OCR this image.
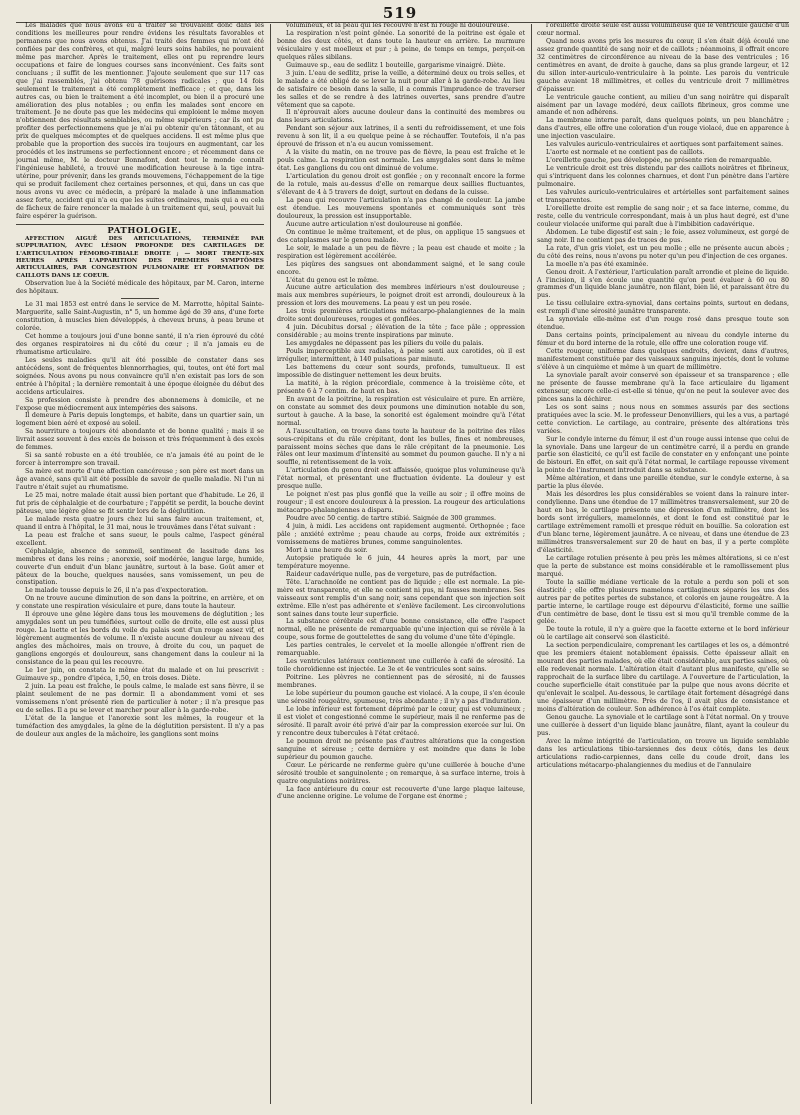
519

Les malades que nous avons eu à traiter se trouvaient donc dans les conditions les meilleures pour rendre évidens les résultats favorables et permanens que nous avons obtenus. J'ai traité des femmes qui m'ont été confiées par des confrères, et qui, malgré leurs soins habiles, ne pouvaient même pas marcher. Après le traitement, elles ont pu reprendre leurs occupations et faire de longues courses sans inconvénient. Ces faits sont concluans ; il suffit de les mentionner. J'ajoute seulement que sur 117 cas que j'ai rassemblés, j'ai obtenu 78 guérisons radicales ; que 14 fois seulement le traitement a été complètement inefficace ; et que, dans les autres cas, ou bien le traitement a été incomplet, ou bien il a procuré une amélioration des plus notables ; ou enfin les malades sont encore en traitement. Je ne doute pas que les médecins qui emploient le même moyen n'obtiennent des résultats semblables, ou même supérieurs ; car ils ont pu profiter des perfectionnemens que je n'ai pu obtenir qu'en tâtonnant, et au prix de quelques mécomptes et de quelques accidens. Il est même plus que probable que la proportion des succès ira toujours en augmentant, car les procédés et les instrumens se perfectionnent encore ; et récemment dans ce journal même, M. le docteur Bonnafont, dont tout le monde connaît l'ingénieuse habileté, a trouvé une modification heureuse à la tige intra-utérine, pour prévenir, dans les grands mouvemens, l'échappement de la tige qui se produit facilement chez certaines personnes, et qui, dans un cas que nous avons vu avec ce médecin, a préparé la malade à une inflammation assez forte, accident qui n'a eu que les suites ordinaires, mais qui a eu cela de fâcheux de faire renoncer la malade à un traitement qui, seul, pouvait lui faire espérer la guérison.

PATHOLOGIE.

AFFECTION AIGUË DES ARTICULATIONS, TERMINÉE PAR SUPPURATION, AVEC LÉSION PROFONDE DES CARTILAGES DE L'ARTICULATION FÉMORO-TIBIALE DROITE ; — MORT TRENTE-SIX HEURES APRÈS L'APPARITION DES PREMIERS SYMPTÔMES ARTICULAIRES, PAR CONGESTION PULMONAIRE ET FORMATION DE CAILLOTS DANS LE COEUR.

Observation lue à la Société médicale des hôpitaux, par M. Caron, interne des hôpitaux.

Le 31 mai 1853 est entré dans le service de M. Marrotte, hôpital Sainte-Marguerite, salle Saint-Augustin, n° 5, un homme âgé de 39 ans, d'une forte constitution, à muscles bien développés, à cheveux bruns, à peau brune et colorée.

Cet homme a toujours joui d'une bonne santé, il n'a rien éprouvé du côté des organes respiratoires ni du côté du cœur ; il n'a jamais eu de rhumatisme articulaire.

Les seules maladies qu'il ait été possible de constater dans ses antécédens, sont de fréquentes blennorrhagies, qui, toutes, ont été fort mal soignées. Nous avons pu nous convaincre qu'il n'en existait pas lors de son entrée à l'hôpital ; la dernière remontait à une époque éloignée du début des accidens articulaires.

Sa profession consiste à prendre des abonnemens à domicile, et ne l'expose que médiocrement aux intempéries des saisons.

Il demeure à Paris depuis longtemps, et habite, dans un quartier sain, un logement bien aéré et exposé au soleil.

Sa nourriture a toujours été abondante et de bonne qualité ; mais il se livrait assez souvent à des excès de boisson et très fréquemment à des excès de femmes.

Si sa santé robuste en a été troublée, ce n'a jamais été au point de le forcer à interrompre son travail.

Sa mère est morte d'une affection cancéreuse ; son père est mort dans un âge avancé, sans qu'il ait été possible de savoir de quelle maladie. Ni l'un ni l'autre n'était sujet au rhumatisme.

Le 25 mai, notre malade était aussi bien portant que d'habitude. Le 26, il fut pris de céphalalgie et de courbature ; l'appétit se perdit, la bouche devint pâteuse, une légère gêne se fit sentir lors de la déglutition.

Le malade resta quatre jours chez lui sans faire aucun traitement, et, quand il entra à l'hôpital, le 31 mai, nous le trouvâmes dans l'état suivant :

La peau est fraîche et sans sueur, le pouls calme, l'aspect général excellent.

Céphalalgie, absence de sommeil, sentiment de lassitude dans les membres et dans les reins ; anorexie, soif modérée, langue large, humide, couverte d'un enduit d'un blanc jaunâtre, surtout à la base. Goût amer et pâteux de la bouche, quelques nausées, sans vomissement, un peu de constipation.

Le malade tousse depuis le 26, il n'a pas d'expectoration.

On ne trouve aucune diminution de son dans la poitrine, en arrière, et on y constate une respiration vésiculaire et pure, dans toute la hauteur.

Il éprouve une gêne légère dans tous les mouvemens de déglutition ; les amygdales sont un peu tuméfiées, surtout celle de droite, elle est aussi plus rouge. La luette et les bords du voile du palais sont d'un rouge assez vif, et légèrement augmentés de volume. Il n'existe aucune douleur au niveau des angles des mâchoires, mais on trouve, à droite du cou, un paquet de ganglions engorgés et douloureux, sans changement dans la couleur ni la consistance de la peau qui les recouvre.

Le 1er juin, on constata le même état du malade et on lui prescrivit : Guimauve sp., pondre d'ipéca, 1,50, en trois doses. Diète.

2 juin. La peau est fraîche, le pouls calme, le malade est sans fièvre, il se plaint seulement de ne pas dormir. Il a abondamment vomi et ses vomissemens n'ont présenté rien de particulier à noter ; il n'a presque pas eu de selles. Il a pu se lever et marcher pour aller à la garde-robe.

L'état de la langue et l'anorexie sont les mêmes, la rougeur et la tuméfaction des amygdales, la gêne de la déglutition persistent. Il n'y a pas de douleur aux angles de la mâchoire, les ganglions sont moins

volumineux, et la peau qui les recouvre n'est ni rouge ni douloureuse.

La respiration n'est point gênée. La sonorité de la poitrine est égale et bonne des deux côtés, et dans toute la hauteur en arrière. Le murmure vésiculaire y est moelleux et pur ; à peine, de temps en temps, perçoit-on quelques râles sibilans.

Guimauve sp., eau de sedlitz 1 bouteille, gargarisme vinaigré. Diète.

3 juin. L'eau de sedlitz, prise la veille, a déterminé deux ou trois selles, et le malade a été obligé de se lever la nuit pour aller à la garde-robe. Au lieu de satisfaire ce besoin dans la salle, il a commis l'imprudence de traverser les salles et de se rendre à des latrines ouvertes, sans prendre d'autre vêtement que sa capote.

Il n'éprouvait alors aucune douleur dans la continuité des membres ou dans leurs articulations.

Pendant son séjour aux latrines, il a senti du refroidissement, et une fois revenu à son lit, il a eu quelque peine à se réchauffer. Toutefois, il n'a pas éprouvé de frisson et n'a eu aucun vomissement.

A la visite du matin, on ne trouve pas de fièvre, la peau est fraîche et le pouls calme. La respiration est normale. Les amygdales sont dans le même état. Les ganglions du cou ont diminué de volume.

L'articulation du genou droit est gonflée ; on y reconnaît encore la forme de la rotule, mais au-dessus d'elle on remarque deux saillies fluctuantes, s'élevant de 4 à 5 travers de doigt, surtout en dedans de la cuisse.

La peau qui recouvre l'articulation n'a pas changé de couleur. La jambe est étendue. Les mouvemens spontanés et communiqués sont très douloureux, la pression est insupportable.

Aucune autre articulation n'est douloureuse ni gonflée.

On continue le même traitement, et de plus, on applique 15 sangsues et des cataplasmes sur le genou malade.

Le soir, le malade a un peu de fièvre ; la peau est chaude et moite ; la respiration est légèrement accélérée.

Les piqûres des sangsues ont abondamment saigné, et le sang coule encore.

L'état du genou est le même.

Aucune autre articulation des membres inférieurs n'est douloureuse ; mais aux membres supérieurs, le poignet droit est arrondi, douloureux à la pression et lors des mouvemens. La peau y est un peu rosée.

Les trois premières articulations métacarpo-phalangiennes de la main droite sont douloureuses, rouges et gonflées.

4 juin. Décubitus dorsal ; élévation de la tête ; face pâle ; oppression considérable ; au moins trente inspirations par minute.

Les amygdales ne dépassent pas les piliers du voile du palais.

Pouls imperceptible aux radiales, à peine senti aux carotides, où il est irrégulier, intermittent, à 140 pulsations par minute.

Les battemens du cœur sont sourds, profonds, tumultueux. Il est impossible de distinguer nettement les deux bruits.

La matité, à la région précordiale, commence à la troisième côte, et présente 6 à 7 centim. de haut en bas.

En avant de la poitrine, la respiration est vésiculaire et pure. En arrière, on constate au sommet des deux poumons une diminution notable du son, surtout à gauche. A la base, la sonorité est également moindre qu'à l'état normal.

A l'auscultation, on trouve dans toute la hauteur de la poitrine des râles sous-crépitans et du râle crépitant, dont les bulles, fines et nombreuses, paraissent moins sèches que dans le râle crépitant de la pneumonie. Les râles ont leur maximum d'intensité au sommet du poumon gauche. Il n'y a ni souffle, ni retentissement de la voix.

L'articulation du genou droit est affaissée, quoique plus volumineuse qu'à l'état normal, et présentant une fluctuation évidente. La douleur y est presque nulle.

Le poignet n'est pas plus gonflé que la veille au soir ; il offre moins de rougeur ; il est encore douloureux à la pression. La rougeur des articulations métacarpo-phalangiennes a disparu.

Poudre avec 50 centig. de tartre stibié. Saignée de 300 grammes.

4 juin, à midi. Les accidens ont rapidement augmenté. Orthopnée ; face pâle ; anxiété extrême ; peau chaude au corps, froide aux extrémités ; vomissemens de matières brunes, comme sanguinolentes.

Mort à une heure du soir.

Autopsie pratiquée le 6 juin, 44 heures après la mort, par une température moyenne.

Raideur cadavérique nulle, pas de vergeture, pas de putréfaction.

Tête. L'arachnoïde ne contient pas de liquide ; elle est normale. La pie-mère est transparente, et elle ne contient ni pus, ni fausses membranes. Ses vaisseaux sont remplis d'un sang noir, sans cependant que son injection soit extrême. Elle n'est pas adhérente et s'enlève facilement. Les circonvolutions sont saines dans toute leur superficie.

La substance cérébrale est d'une bonne consistance, elle offre l'aspect normal, elle ne présente de remarquable qu'une injection qui se révèle à la coupe, sous forme de gouttelettes de sang du volume d'une tête d'épingle.

Les parties centrales, le cervelet et la moelle allongée n'offrent rien de remarquable.

Les ventricules latéraux contiennent une cuillerée à café de sérosité. La toile choroïdienne est injectée. Le 3e et 4e ventricules sont sains.

Poitrine. Les plèvres ne contiennent pas de sérosité, ni de fausses membranes.

Le lobe supérieur du poumon gauche est violacé. A la coupe, il s'en écoule une sérosité rougeâtre, spumeuse, très abondante ; il n'y a pas d'induration.

Le lobe inférieur est fortement déprimé par le cœur, qui est volumineux ; il est violet et congestionné comme le supérieur, mais il ne renferme pas de sérosité. Il paraît avoir été privé d'air par la compression exercée sur lui. On y rencontre deux tubercules à l'état crétacé.

Le poumon droit ne présente pas d'autres altérations que la congestion sanguine et séreuse ; cette dernière y est moindre que dans le lobe supérieur du poumon gauche.

Cœur. Le péricarde ne renferme guère qu'une cuillerée à bouche d'une sérosité trouble et sanguinolente ; on remarque, à sa surface interne, trois à quatre ongulations noirâtres.

La face antérieure du cœur est recouverte d'une large plaque laiteuse, d'une ancienne origine. Le volume de l'organe est énorme ;

l'oreillette droite seule est aussi volumineuse que le ventricule gauche d'un cœur normal.

Quand nous avons pris les mesures du cœur, il s'en était déjà écoulé une assez grande quantité de sang noir et de caillots ; néanmoins, il offrait encore 32 centimètres de circonférence au niveau de la base des ventricules ; 16 centimètres en avant, de droite à gauche, dans sa plus grande largeur, et 12 du sillon inter-auriculo-ventriculaire à la pointe. Les parois du ventricule gauche avaient 18 millimètres, et celles du ventricule droit 7 millimètres d'épaisseur.

Le ventricule gauche contient, au milieu d'un sang noirâtre qui disparaît aisément par un lavage modéré, deux caillots fibrineux, gros comme une amande et non adhérens.

La membrane interne paraît, dans quelques points, un peu blanchâtre ; dans d'autres, elle offre une coloration d'un rouge violacé, due en apparence à une injection vasculaire.

Les valvules auriculo-ventriculaires et aortiques sont parfaitement saines.

L'aorte est normale et ne contient pas de caillots.

L'oreillette gauche, peu développée, ne présente rien de remarquable.

Le ventricule droit est très distendu par des caillots noirâtres et fibrineux, qui s'intriquent dans les colonnes charnues, et dont l'un pénètre dans l'artère pulmonaire.

Les valvules auriculo-ventriculaires et artérielles sont parfaitement saines et transparentes.

L'oreillette droite est remplie de sang noir ; et sa face interne, comme, du reste, celle du ventricule correspondant, mais à un plus haut degré, est d'une couleur violacée uniforme qui paraît due à l'imbibition cadavérique.

Abdomen. Le tube digestif est sain ; le foie, assez volumineux, est gorgé de sang noir. Il ne contient pas de traces de pus.

La rate, d'un gris violet, est un peu molle ; elle ne présente aucun abcès ; du côté des reins, nous n'avons pu noter qu'un peu d'injection de ces organes.

La moelle n'a pas été examinée.

Genou droit. A l'extérieur, l'articulation paraît arrondie et pleine de liquide. A l'incision, il s'en écoule une quantité qu'on peut évaluer à 60 ou 80 grammes d'un liquide blanc jaunâtre, non filant, bien lié, et paraissant être du pus.

Le tissu cellulaire extra-synovial, dans certains points, surtout en dedans, est rempli d'une sérosité jaunâtre transparente.

La synoviale elle-même est d'un rouge rosé dans presque toute son étendue.

Dans certains points, principalement au niveau du condyle interne du fémur et du bord interne de la rotule, elle offre une coloration rouge vif.

Cette rougeur, uniforme dans quelques endroits, devient, dans d'autres, manifestement constituée par des vaisseaux sanguins injectés, dont le volume s'élève à un cinquième et même à un quart de millimètre.

La synoviale paraît avoir conservé son épaisseur et sa transparence ; elle ne présente de fausse membrane qu'à la face articulaire du ligament extenseur, encore celle-ci est-elle si ténue, qu'on ne peut la soulever avec des pinces sans la déchirer.

Les os sont sains ; nous nous en sommes assurés par des sections pratiquées avec la scie. M. le professeur Denonvilliers, qui les a vus, a partagé cette conviction. Le cartilage, au contraire, présente des altérations très variées.

Sur le condyle interne du fémur, il est d'un rouge aussi intense que celui de la synoviale. Dans une largeur de un centimètre carré, il a perdu en grande partie son élasticité, ce qu'il est facile de constater en y enfonçant une pointe de bistouri. En effet, on sait qu'à l'état normal, le cartilage repousse vivement la pointe de l'instrument introduit dans sa substance.

Même altération, et dans une pareille étendue, sur le condyle externe, à sa partie la plus élevée.

Mais les désordres les plus considérables se voient dans la rainure inter-condylienne. Dans une étendue de 17 millimètres transversalement, sur 20 de haut en bas, le cartilage présente une dépression d'un millimètre, dont les bords sont irréguliers, mamelonnés, et dont le fond est constitué par le cartilage extrêmement ramolli et presque réduit en bouillie. Sa coloration est d'un blanc terne, légèrement jaunâtre. A ce niveau, et dans une étendue de 23 millimètres transversalement sur 20 de haut en bas, il y a perte complète d'élasticité.

Le cartilage rotulien présente à peu près les mêmes altérations, si ce n'est que la perte de substance est moins considérable et le ramollissement plus marqué.

Toute la saillie médiane verticale de la rotule a perdu son poli et son élasticité ; elle offre plusieurs mamelons cartilagineux séparés les uns des autres par de petites pertes de substance, et colorés en jaune rougeâtre. A la partie interne, le cartilage rouge est dépourvu d'élasticité, forme une saillie d'un centimètre de base, dont le tissu est si mou qu'il tremble comme de la gelée.

De toute la rotule, il n'y a guère que la facette externe et le bord inférieur où le cartilage ait conservé son élasticité.

La section perpendiculaire, comprenant les cartilages et les os, a démontré que les premiers étaient notablement épaissis. Cette épaisseur allait en mourant des parties malades, où elle était considérable, aux parties saines, où elle redevenait normale. L'altération était d'autant plus manifeste, qu'elle se rapprochait de la surface libre du cartilage. A l'ouverture de l'articulation, la couche superficielle était constituée par la pulpe que nous avons décrite et qu'enlevait le scalpel. Au-dessous, le cartilage était fortement désagrégé dans une épaisseur d'un millimètre. Près de l'os, il avait plus de consistance et moins d'altération de couleur. Son adhérence à l'os était complète.

Genou gauche. La synoviale et le cartilage sont à l'état normal. On y trouve une cuillerée à dessert d'un liquide blanc jaunâtre, filant, ayant la couleur du pus.

Avec la même intégrité de l'articulation, on trouve un liquide semblable dans les articulations tibio-tarsiennes des deux côtés, dans les deux articulations radio-carpiennes, dans celle du coude droit, dans les articulations métacarpo-phalangiennes du medius et de l'annulaire
